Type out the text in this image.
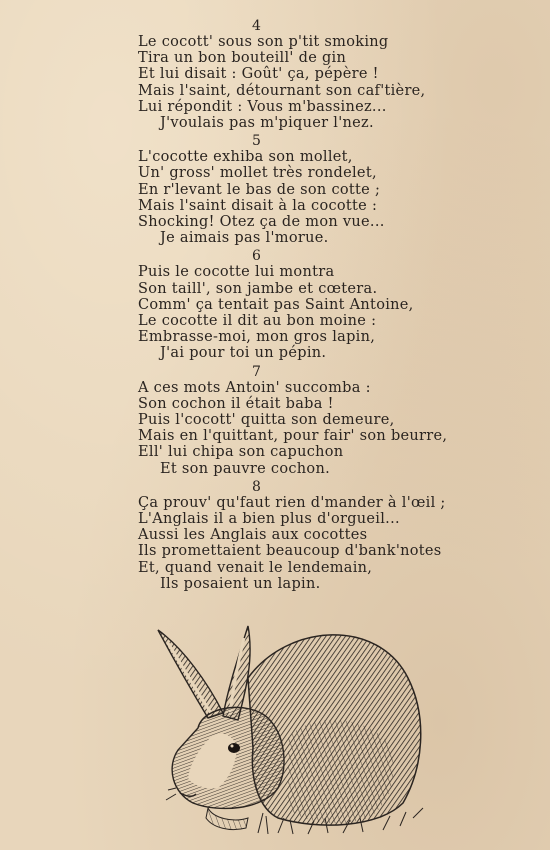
4
Le cocott' sous son p'tit smoking
Tira un bon bouteill' de gin
Et lui disait : Goût' ça, pépère !
Mais l'saint, détournant son caf'tière,
Lui répondit : Vous m'bassinez...
J'voulais pas m'piquer l'nez.
5
L'cocotte exhiba son mollet,
Un' gross' mollet très rondelet,
En r'levant le bas de son cotte ;
Mais l'saint disait à la cocotte :
Shocking! Otez ça de mon vue...
Je aimais pas l'morue.
6
Puis le cocotte lui montra
Son taill', son jambe et cœtera.
Comm' ça tentait pas Saint Antoine,
Le cocotte il dit au bon moine :
Embrasse-moi, mon gros lapin,
J'ai pour toi un pépin.
7
A ces mots Antoin' succomba :
Son cochon il était baba !
Puis l'cocott' quitta son demeure,
Mais en l'quittant, pour fair' son beurre,
Ell' lui chipa son capuchon
Et son pauvre cochon.
8
Ça prouv' qu'faut rien d'mander à l'œil ;
L'Anglais il a bien plus d'orgueil...
Aussi les Anglais aux cocottes
Ils promettaient beaucoup d'bank'notes
Et, quand venait le lendemain,
Ils posaient un lapin.
